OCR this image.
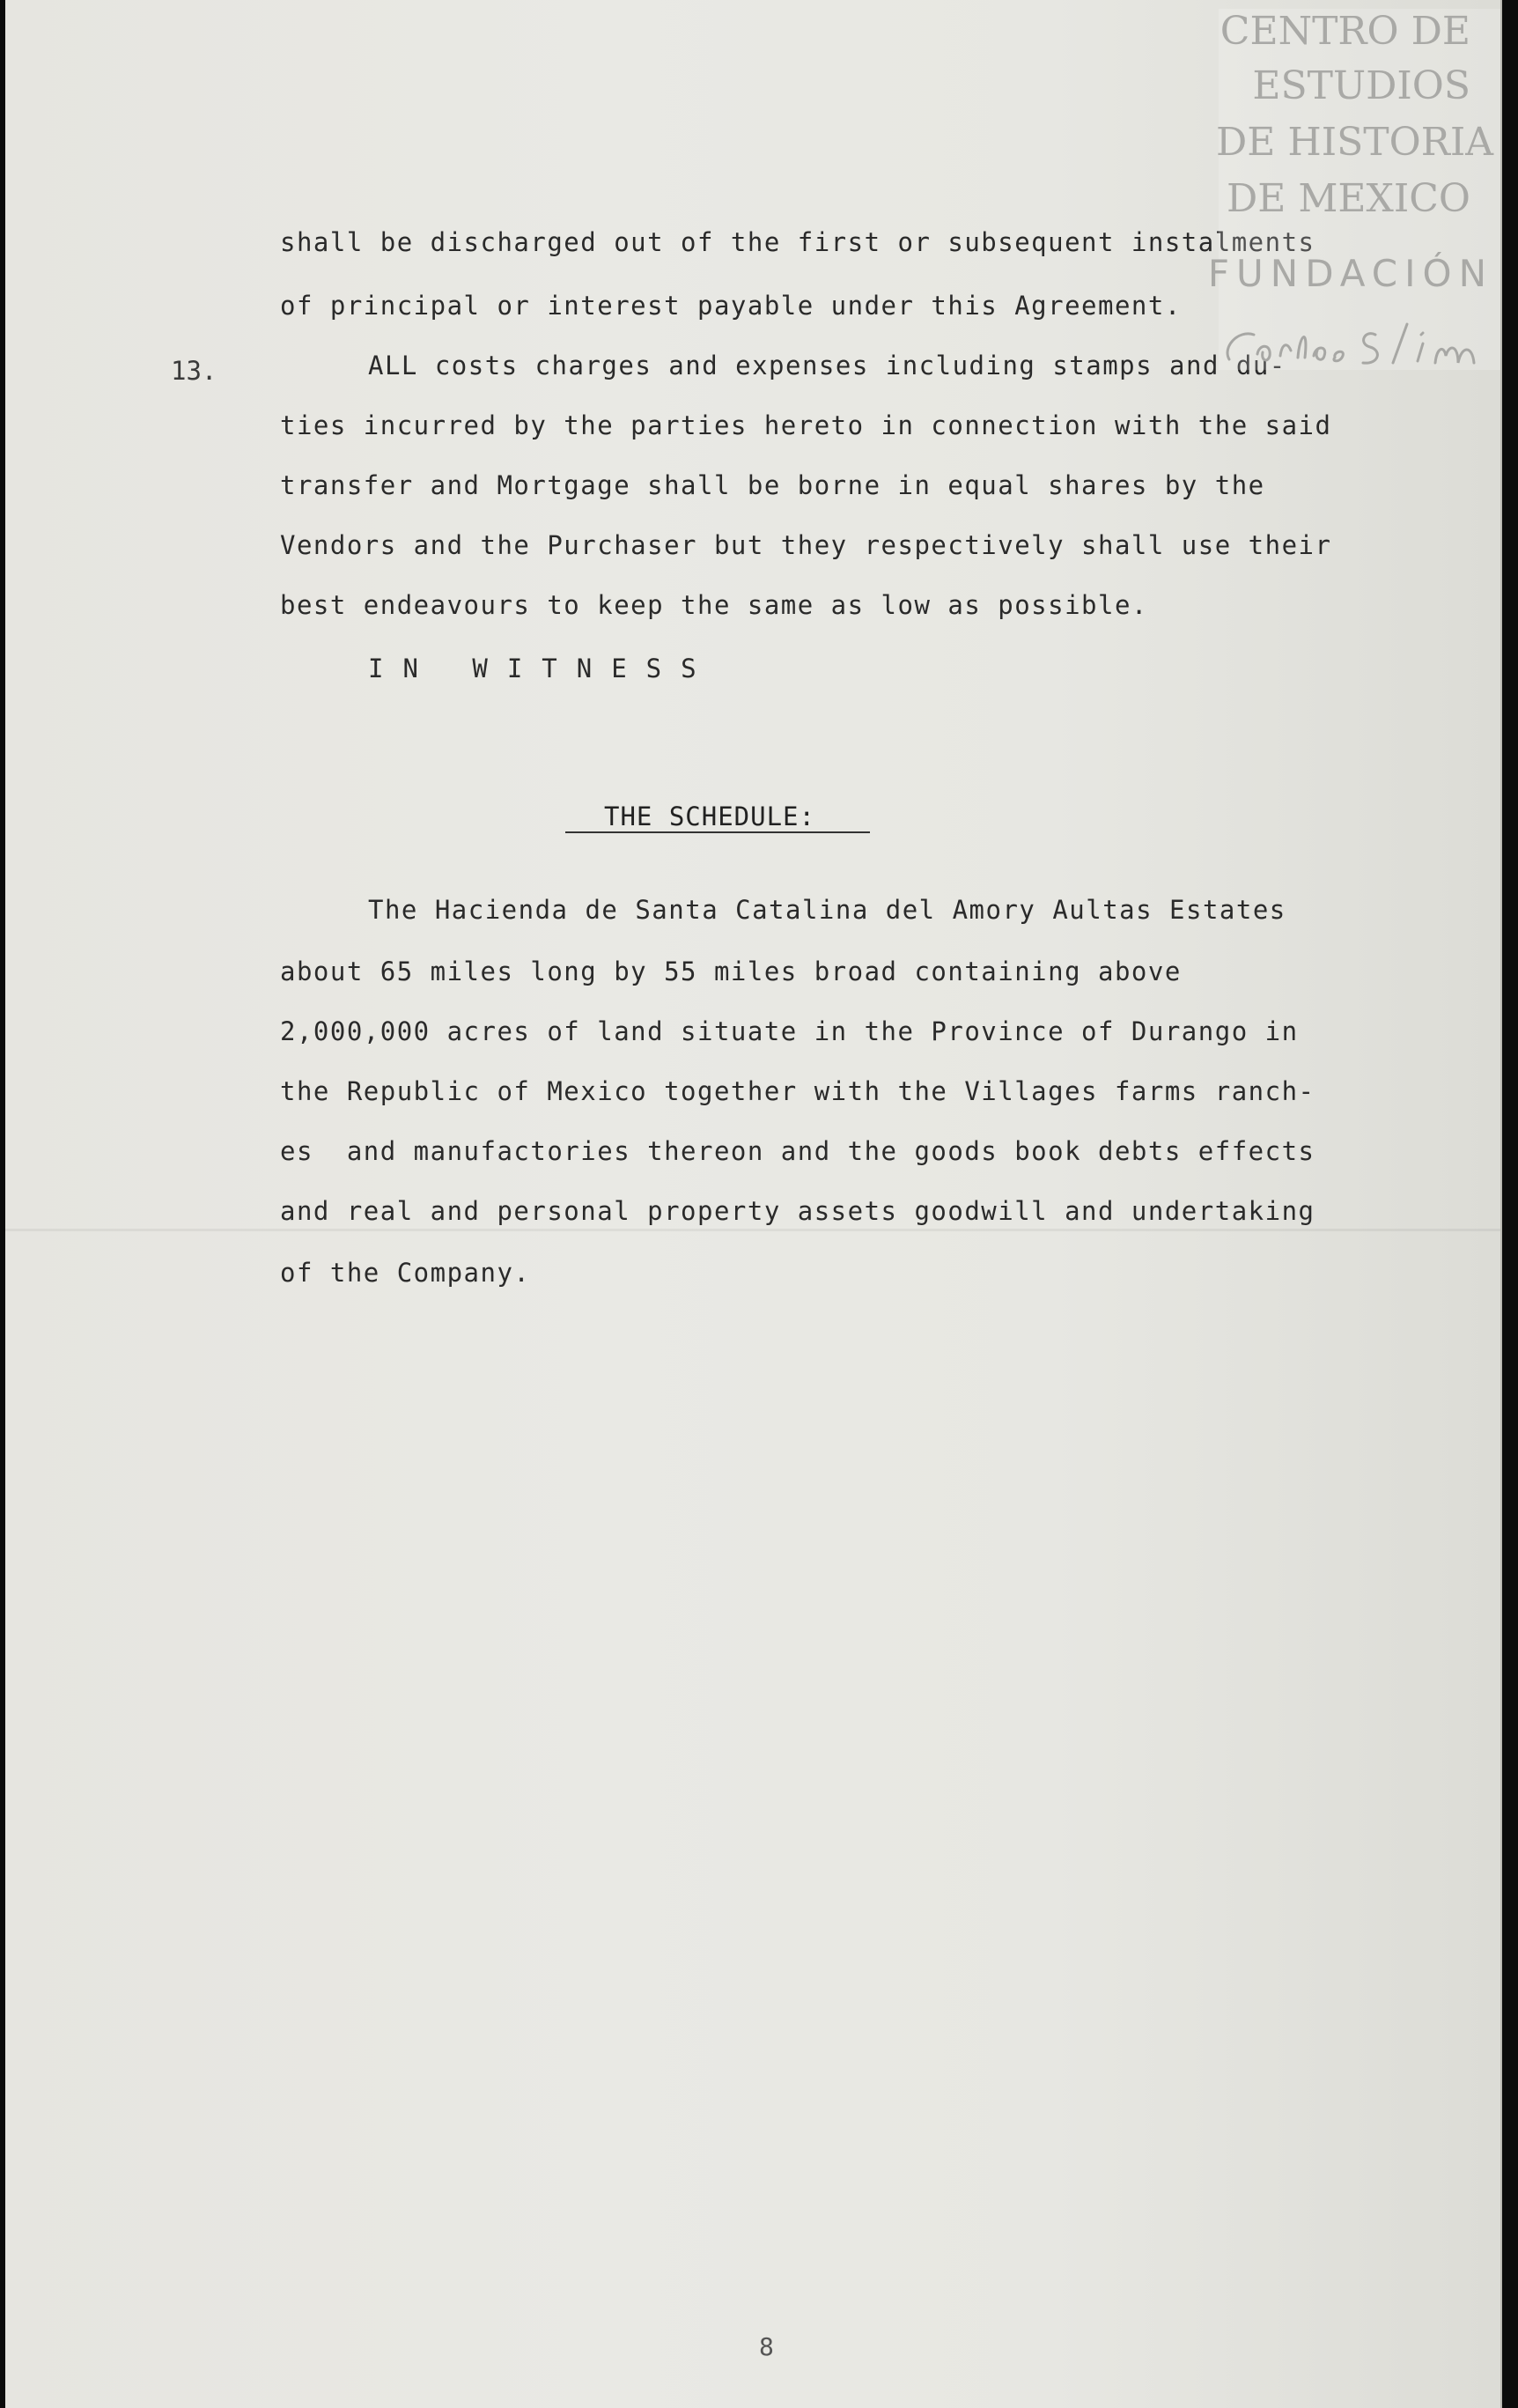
13.
shall be discharged out of the first or subsequent instalments
of principal or interest payable under this Agreement.
ALL costs charges and expenses including stamps and du-
ties incurred by the parties hereto in connection with the said
transfer and Mortgage shall be borne in equal shares by the
Vendors and the Purchaser but they respectively shall use their
best endeavours to keep the same as low as possible.
IN WITNESS
THE SCHEDULE:
The Hacienda de Santa Catalina del Amory Aultas Estates
about 65 miles long by 55 miles broad containing above
2,000,000 acres of land situate in the Province of Durango in
the Republic of Mexico together with the Villages farms ranch-
es  and manufactories thereon and the goods book debts effects
and real and personal property assets goodwill and undertaking
of the Company.
8
CENTRO DE
ESTUDIOS
DE HISTORIA
DE MEXICO
FUNDACIÓN
